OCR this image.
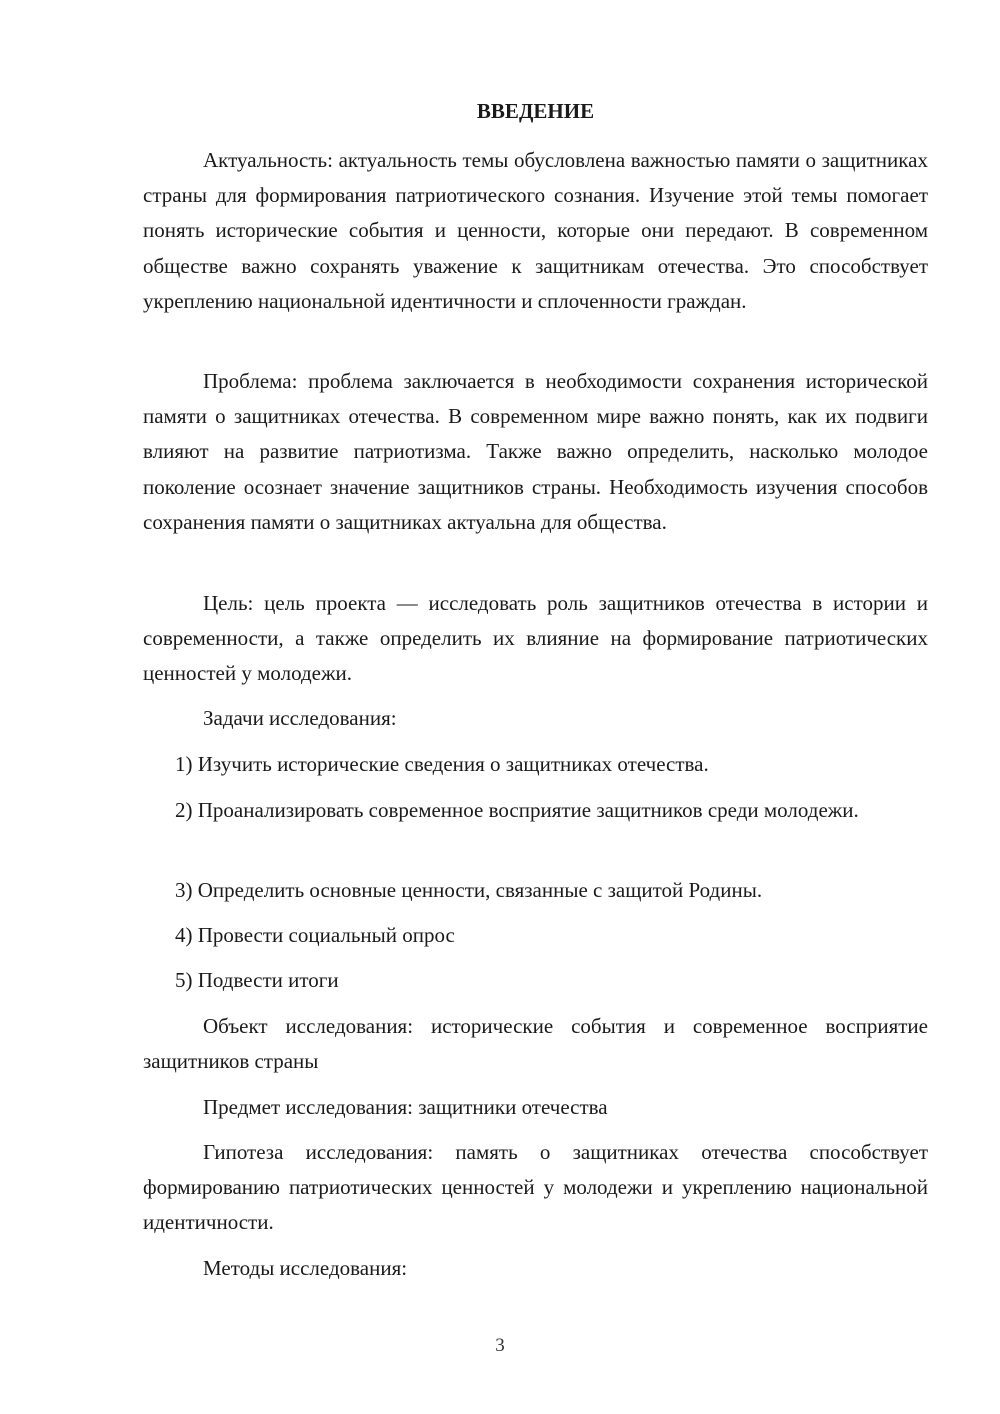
ВВЕДЕНИЕ

Актуальность: актуальность темы обусловлена важностью памяти о защитниках страны для формирования патриотического сознания. Изучение этой темы помогает понять исторические события и ценности, которые они передают. В современном обществе важно сохранять уважение к защитникам отечества. Это способствует укреплению национальной идентичности и сплоченности граждан.

Проблема: проблема заключается в необходимости сохранения исторической памяти о защитниках отечества. В современном мире важно понять, как их подвиги влияют на развитие патриотизма. Также важно определить, насколько молодое поколение осознает значение защитников страны. Необходимость изучения способов сохранения памяти о защитниках актуальна для общества.

Цель: цель проекта — исследовать роль защитников отечества в истории и современности, а также определить их влияние на формирование патриотических ценностей у молодежи.

Задачи исследования:

1) Изучить исторические сведения о защитниках отечества.

2) Проанализировать современное восприятие защитников среди молодежи.

3) Определить основные ценности, связанные с защитой Родины.

4) Провести социальный опрос

5) Подвести итоги

Объект исследования: исторические события и современное восприятие защитников страны

Предмет исследования: защитники отечества

Гипотеза исследования: память о защитниках отечества способствует формированию патриотических ценностей у молодежи и укреплению национальной идентичности.

Методы исследования:

3
